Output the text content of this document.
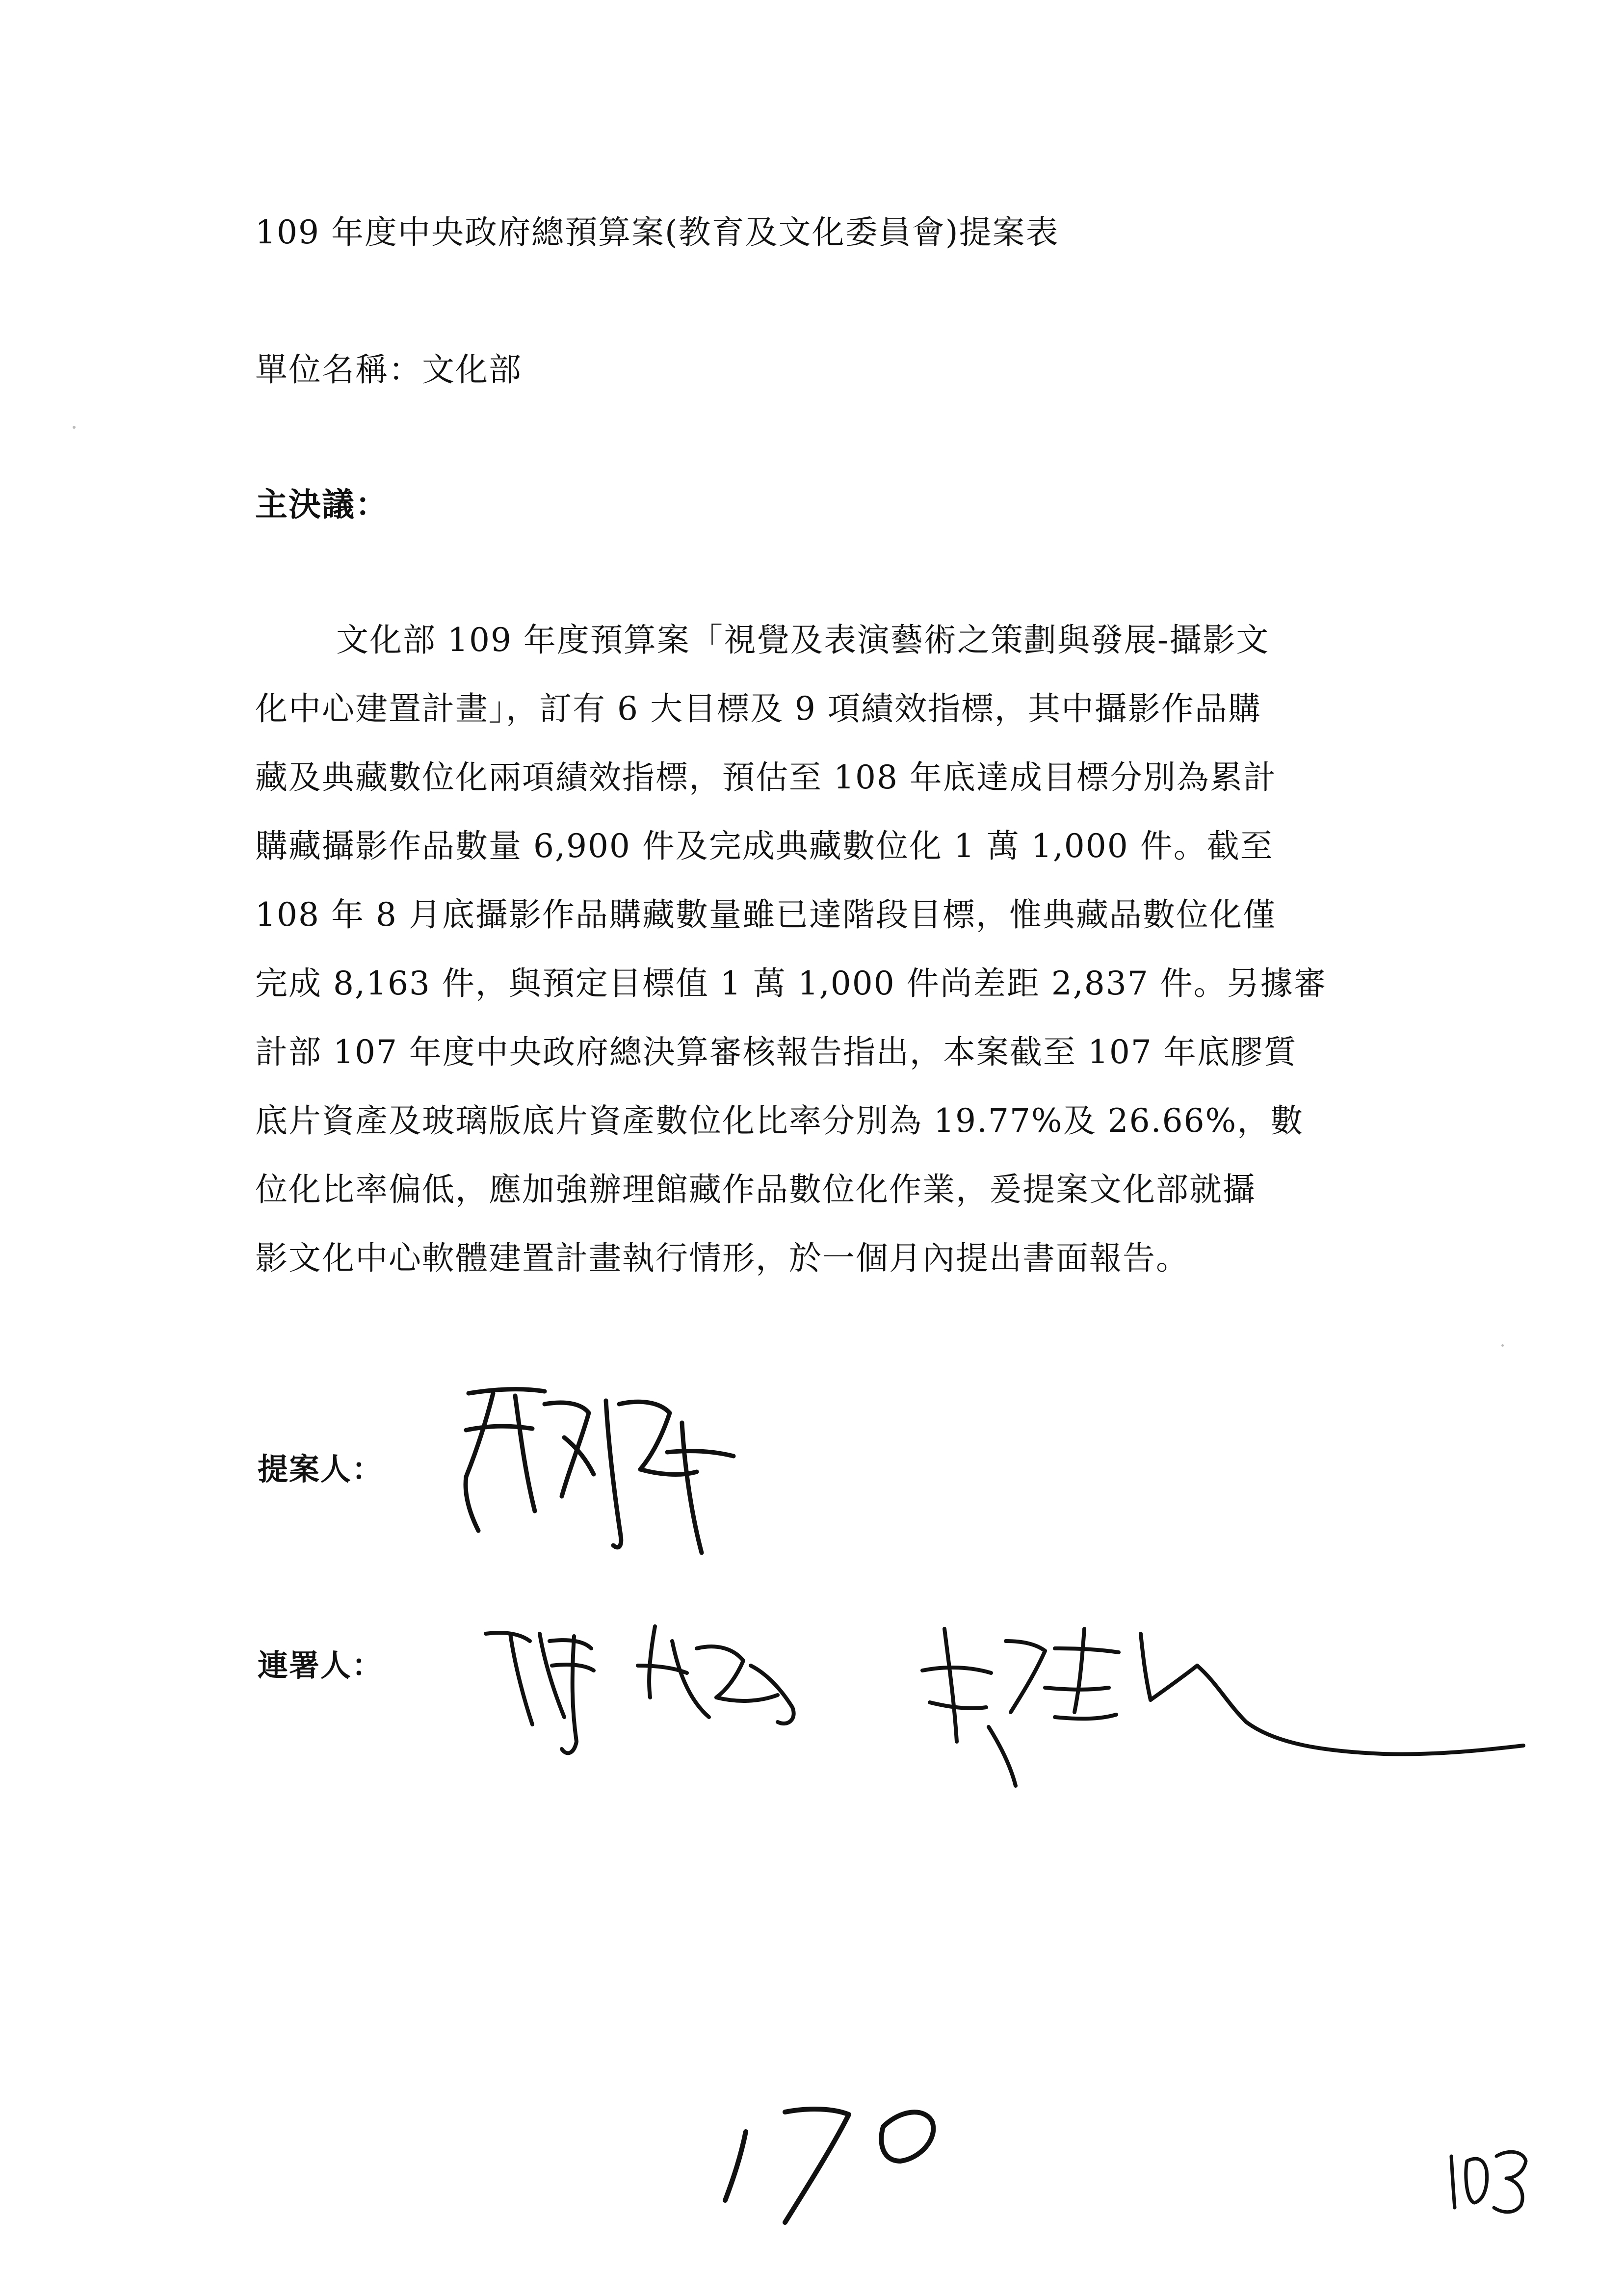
109 年度中央政府總預算案(教育及文化委員會)提案表
單位名稱：文化部
主決議：
文化部 109 年度預算案「視覺及表演藝術之策劃與發展-攝影文
化中心建置計畫」，訂有 6 大目標及 9 項績效指標，其中攝影作品購
藏及典藏數位化兩項績效指標，預估至 108 年底達成目標分別為累計
購藏攝影作品數量 6,900 件及完成典藏數位化 1 萬 1,000 件。截至
108 年 8 月底攝影作品購藏數量雖已達階段目標，惟典藏品數位化僅
完成 8,163 件，與預定目標值 1 萬 1,000 件尚差距 2,837 件。另據審
計部 107 年度中央政府總決算審核報告指出，本案截至 107 年底膠質
底片資產及玻璃版底片資產數位化比率分別為 19.77%及 26.66%，數
位化比率偏低，應加強辦理館藏作品數位化作業，爰提案文化部就攝
影文化中心軟體建置計畫執行情形，於一個月內提出書面報告。
提案人：
連署人：
